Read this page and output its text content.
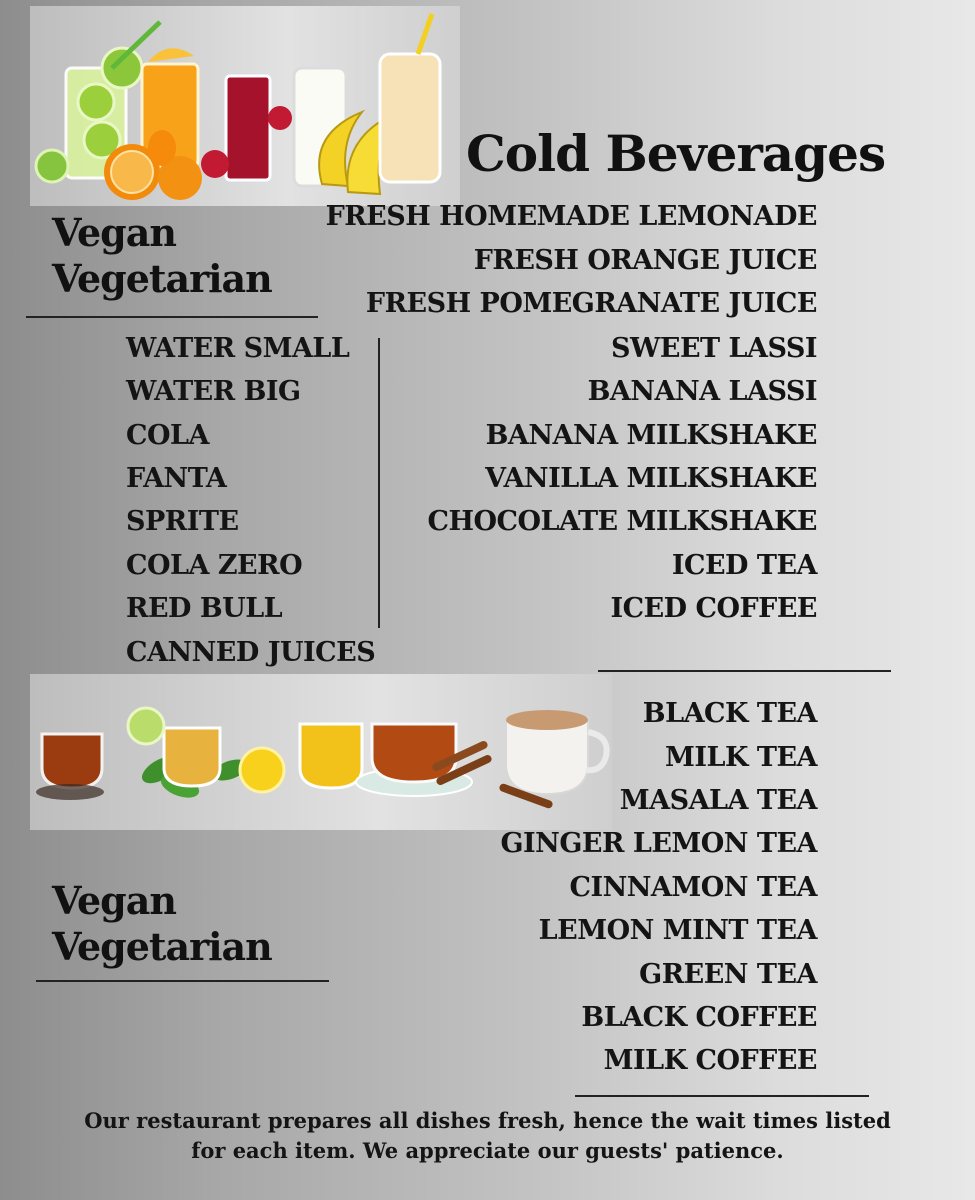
Cold Beverages
Vegan
Vegetarian
FRESH HOMEMADE LEMONADE
FRESH ORANGE JUICE
FRESH POMEGRANATE JUICE
SWEET LASSI
BANANA LASSI
BANANA MILKSHAKE
VANILLA MILKSHAKE
CHOCOLATE MILKSHAKE
ICED TEA
ICED COFFEE
WATER SMALL
WATER BIG
COLA
FANTA
SPRITE
COLA ZERO
RED BULL
CANNED JUICES
BLACK TEA
MILK TEA
MASALA TEA
GINGER LEMON TEA
CINNAMON TEA
LEMON MINT TEA
GREEN TEA
BLACK COFFEE
MILK COFFEE
Vegan
Vegetarian
Our restaurant prepares all dishes fresh, hence the wait times listed
for each item. We appreciate our guests' patience.
